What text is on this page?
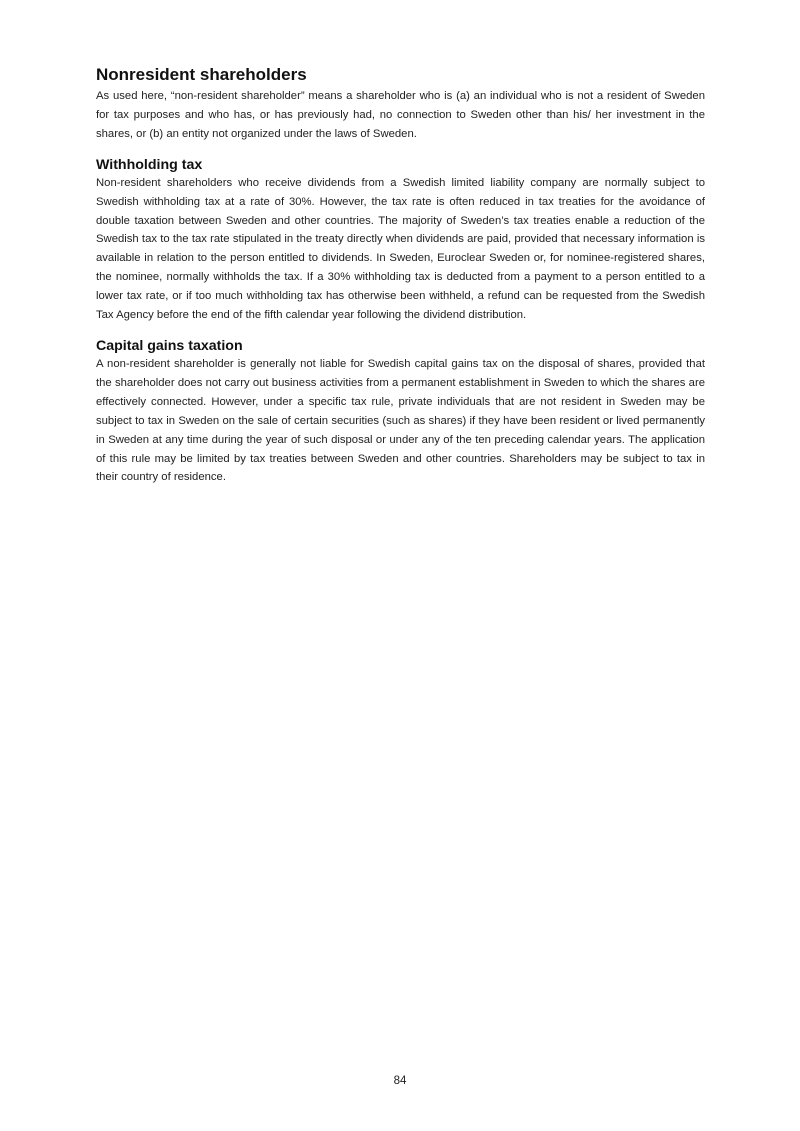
Nonresident shareholders

As used here, “non-resident shareholder” means a shareholder who is (a) an individual who is not a resident of Sweden for tax purposes and who has, or has previously had, no connection to Sweden other than his/ her investment in the shares, or (b) an entity not organized under the laws of Sweden.

Withholding tax

Non-resident shareholders who receive dividends from a Swedish limited liability company are normally subject to Swedish withholding tax at a rate of 30%. However, the tax rate is often reduced in tax treaties for the avoidance of double taxation between Sweden and other countries. The majority of Sweden’s tax treaties enable a reduction of the Swedish tax to the tax rate stipulated in the treaty directly when dividends are paid, provided that necessary information is available in relation to the person entitled to dividends. In Sweden, Euroclear Sweden or, for nominee-registered shares, the nominee, normally withholds the tax. If a 30% withholding tax is deducted from a payment to a person entitled to a lower tax rate, or if too much withholding tax has otherwise been withheld, a refund can be requested from the Swedish Tax Agency before the end of the fifth calendar year following the dividend distribution.

Capital gains taxation

A non-resident shareholder is generally not liable for Swedish capital gains tax on the disposal of shares, provided that the shareholder does not carry out business activities from a permanent establishment in Sweden to which the shares are effectively connected. However, under a specific tax rule, private individuals that are not resident in Sweden may be subject to tax in Sweden on the sale of certain securities (such as shares) if they have been resident or lived permanently in Sweden at any time during the year of such disposal or under any of the ten preceding calendar years. The application of this rule may be limited by tax treaties between Sweden and other countries. Shareholders may be subject to tax in their country of residence.

84
